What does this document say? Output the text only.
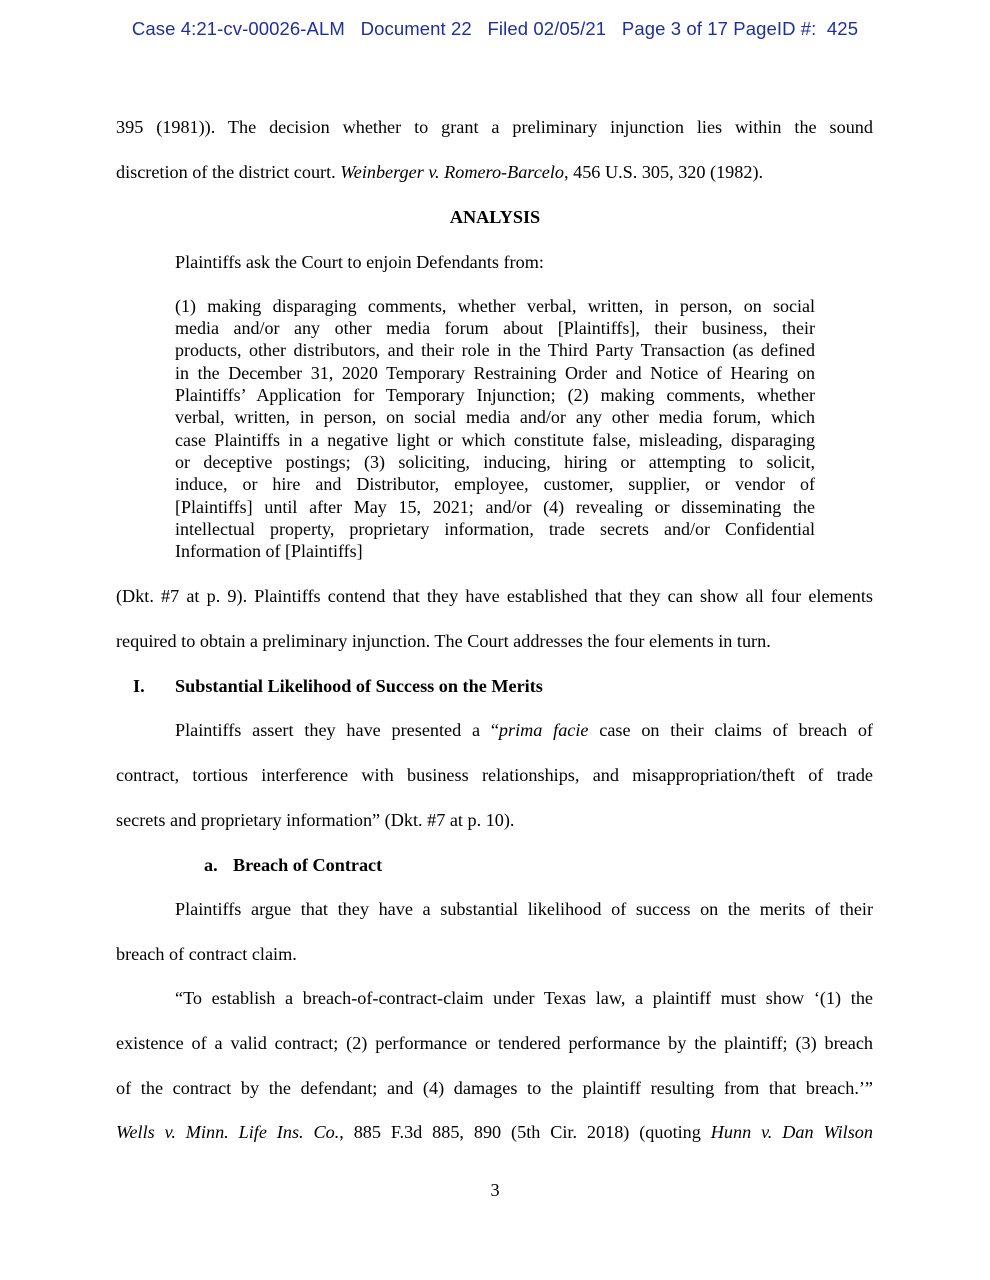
Case 4:21-cv-00026-ALM Document 22 Filed 02/05/21 Page 3 of 17 PageID #: 425
395 (1981)). The decision whether to grant a preliminary injunction lies within the sound
discretion of the district court. Weinberger v. Romero-Barcelo, 456 U.S. 305, 320 (1982).
ANALYSIS
Plaintiffs ask the Court to enjoin Defendants from:
(1) making disparaging comments, whether verbal, written, in person, on social
media and/or any other media forum about [Plaintiffs], their business, their
products, other distributors, and their role in the Third Party Transaction (as defined
in the December 31, 2020 Temporary Restraining Order and Notice of Hearing on
Plaintiffs’ Application for Temporary Injunction; (2) making comments, whether
verbal, written, in person, on social media and/or any other media forum, which
case Plaintiffs in a negative light or which constitute false, misleading, disparaging
or deceptive postings; (3) soliciting, inducing, hiring or attempting to solicit,
induce, or hire and Distributor, employee, customer, supplier, or vendor of
[Plaintiffs] until after May 15, 2021; and/or (4) revealing or disseminating the
intellectual property, proprietary information, trade secrets and/or Confidential
Information of [Plaintiffs]
(Dkt. #7 at p. 9). Plaintiffs contend that they have established that they can show all four elements
required to obtain a preliminary injunction. The Court addresses the four elements in turn.
I. Substantial Likelihood of Success on the Merits
Plaintiffs assert they have presented a “prima facie case on their claims of breach of
contract, tortious interference with business relationships, and misappropriation/theft of trade
secrets and proprietary information” (Dkt. #7 at p. 10).
a. Breach of Contract
Plaintiffs argue that they have a substantial likelihood of success on the merits of their
breach of contract claim.
“To establish a breach-of-contract-claim under Texas law, a plaintiff must show ‘(1) the
existence of a valid contract; (2) performance or tendered performance by the plaintiff; (3) breach
of the contract by the defendant; and (4) damages to the plaintiff resulting from that breach.’”
Wells v. Minn. Life Ins. Co., 885 F.3d 885, 890 (5th Cir. 2018) (quoting Hunn v. Dan Wilson
3
